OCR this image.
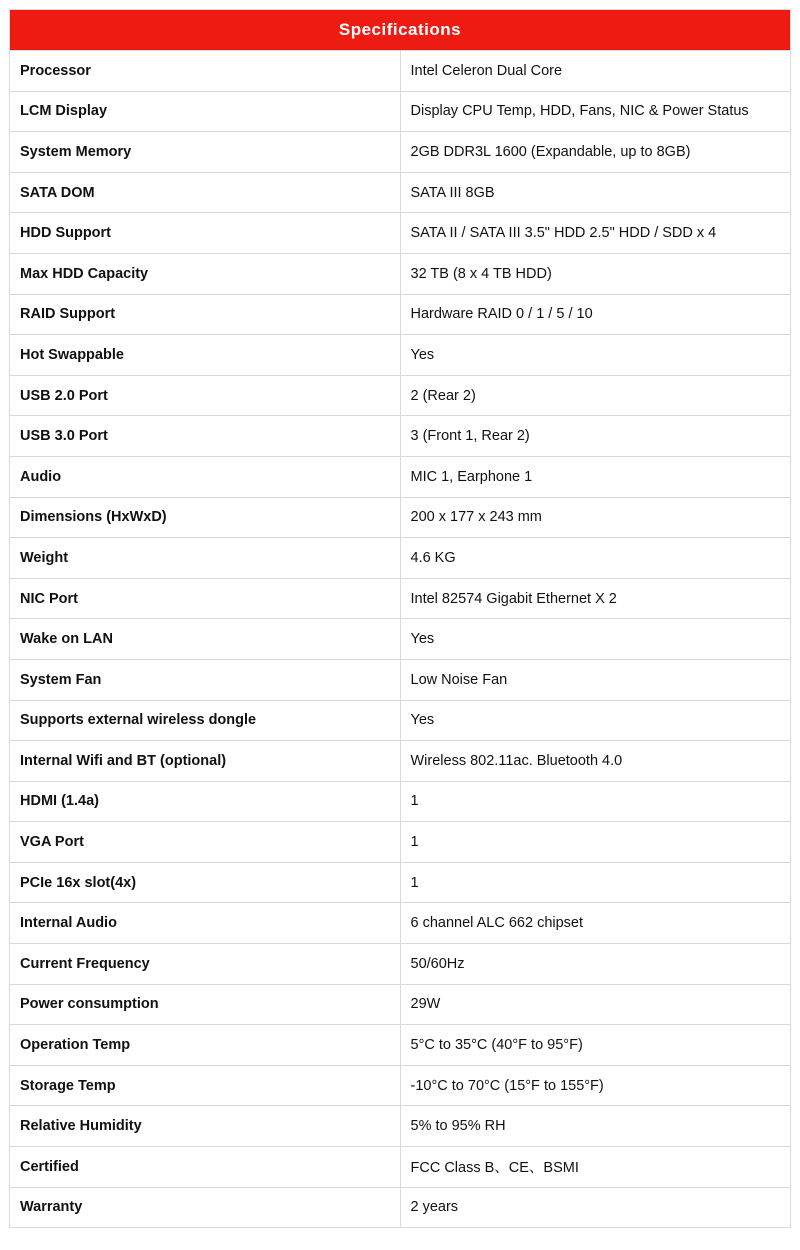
Specifications	
Processor	Intel Celeron Dual Core
LCM Display	Display CPU Temp, HDD, Fans, NIC & Power Status
System Memory	2GB DDR3L 1600 (Expandable, up to 8GB)
SATA DOM	SATA III 8GB
HDD Support	SATA II / SATA III 3.5" HDD 2.5" HDD / SDD x 4
Max HDD Capacity	32 TB (8 x 4 TB HDD)
RAID Support	Hardware RAID 0 / 1 / 5 / 10
Hot Swappable	Yes
USB 2.0 Port	2 (Rear 2)
USB 3.0 Port	3 (Front 1, Rear 2)
Audio	MIC 1, Earphone 1
Dimensions (HxWxD)	200 x 177 x 243 mm
Weight	4.6 KG
NIC Port	Intel 82574 Gigabit Ethernet X 2
Wake on LAN	Yes
System Fan	Low Noise Fan
Supports external wireless dongle	Yes
Internal Wifi and BT (optional)	Wireless 802.11ac. Bluetooth 4.0
HDMI (1.4a)	1
VGA Port	1
PCIe 16x slot(4x)	1
Internal Audio	6 channel ALC 662 chipset
Current Frequency	50/60Hz
Power consumption	29W
Operation Temp	5°C to 35°C (40°F to 95°F)
Storage Temp	-10°C to 70°C (15°F to 155°F)
Relative Humidity	5% to 95% RH
Certified	FCC Class B、CE、BSMI
Warranty	2 years
